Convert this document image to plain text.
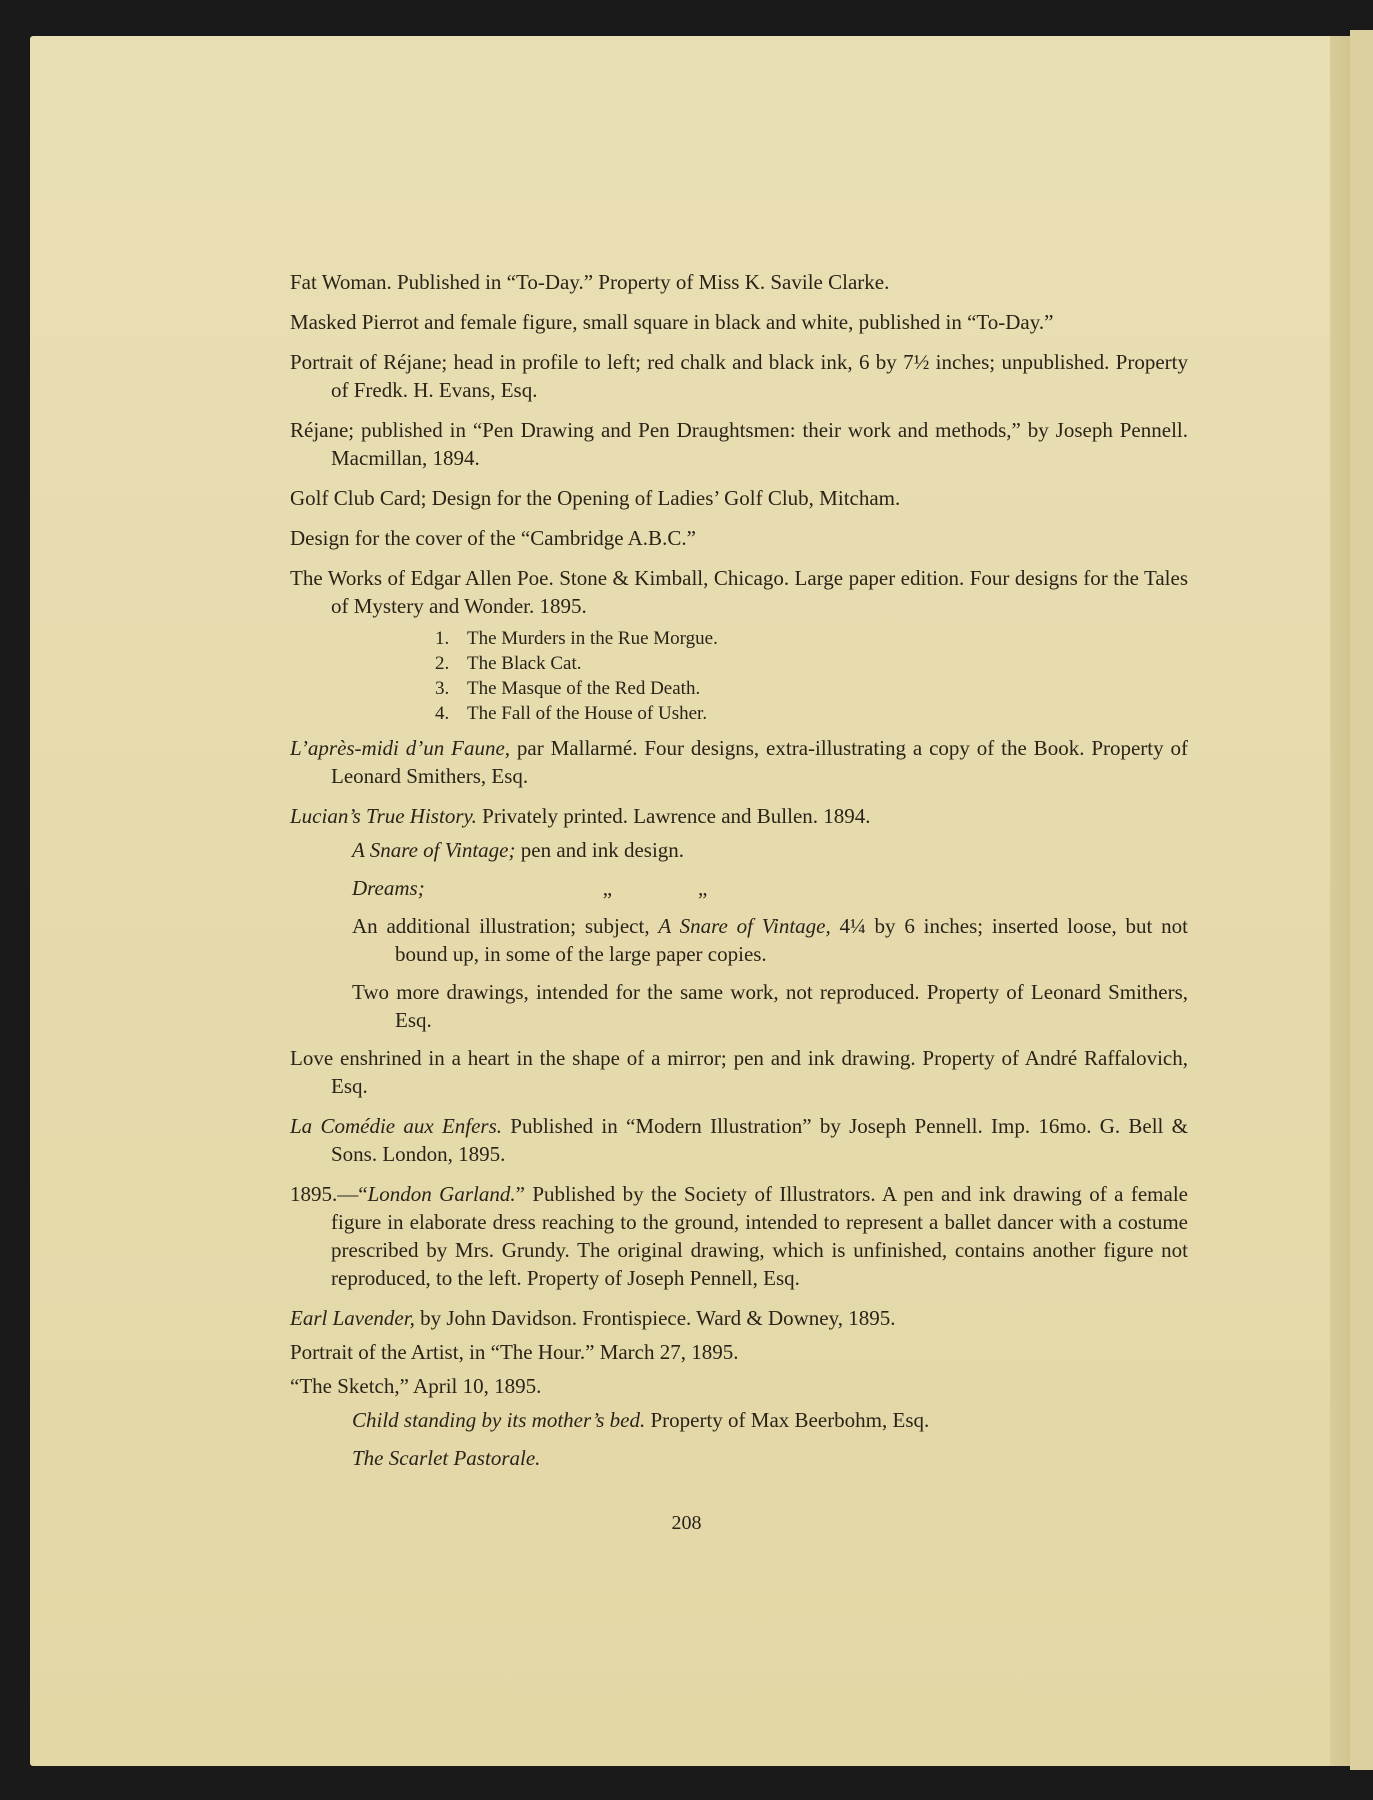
Fat Woman. Published in “To-Day.” Property of Miss K. Savile Clarke.

Masked Pierrot and female figure, small square in black and white, published in “To-Day.”

Portrait of Réjane; head in profile to left; red chalk and black ink, 6 by 7½ inches; unpublished. Property of Fredk. H. Evans, Esq.

Réjane; published in “Pen Drawing and Pen Draughtsmen: their work and methods,” by Joseph Pennell. Macmillan, 1894.

Golf Club Card; Design for the Opening of Ladies’ Golf Club, Mitcham.

Design for the cover of the “Cambridge A.B.C.”

The Works of Edgar Allen Poe. Stone & Kimball, Chicago. Large paper edition. Four designs for the Tales of Mystery and Wonder. 1895.

1. The Murders in the Rue Morgue.
2. The Black Cat.
3. The Masque of the Red Death.
4. The Fall of the House of Usher.

L’après-midi d’un Faune, par Mallarmé. Four designs, extra-illustrating a copy of the Book. Property of Leonard Smithers, Esq.

Lucian’s True History. Privately printed. Lawrence and Bullen. 1894.

A Snare of Vintage; pen and ink design.

Dreams;	„	„

An additional illustration; subject, A Snare of Vintage, 4¼ by 6 inches; inserted loose, but not bound up, in some of the large paper copies.

Two more drawings, intended for the same work, not reproduced. Property of Leonard Smithers, Esq.

Love enshrined in a heart in the shape of a mirror; pen and ink drawing. Property of André Raffalovich, Esq.

La Comédie aux Enfers. Published in “Modern Illustration” by Joseph Pennell. Imp. 16mo. G. Bell & Sons. London, 1895.

1895.—“London Garland.” Published by the Society of Illustrators. A pen and ink drawing of a female figure in elaborate dress reaching to the ground, intended to represent a ballet dancer with a costume prescribed by Mrs. Grundy. The original drawing, which is unfinished, contains another figure not reproduced, to the left. Property of Joseph Pennell, Esq.

Earl Lavender, by John Davidson. Frontispiece. Ward & Downey, 1895.

Portrait of the Artist, in “The Hour.” March 27, 1895.

“The Sketch,” April 10, 1895.

Child standing by its mother’s bed. Property of Max Beerbohm, Esq.

The Scarlet Pastorale.

208
